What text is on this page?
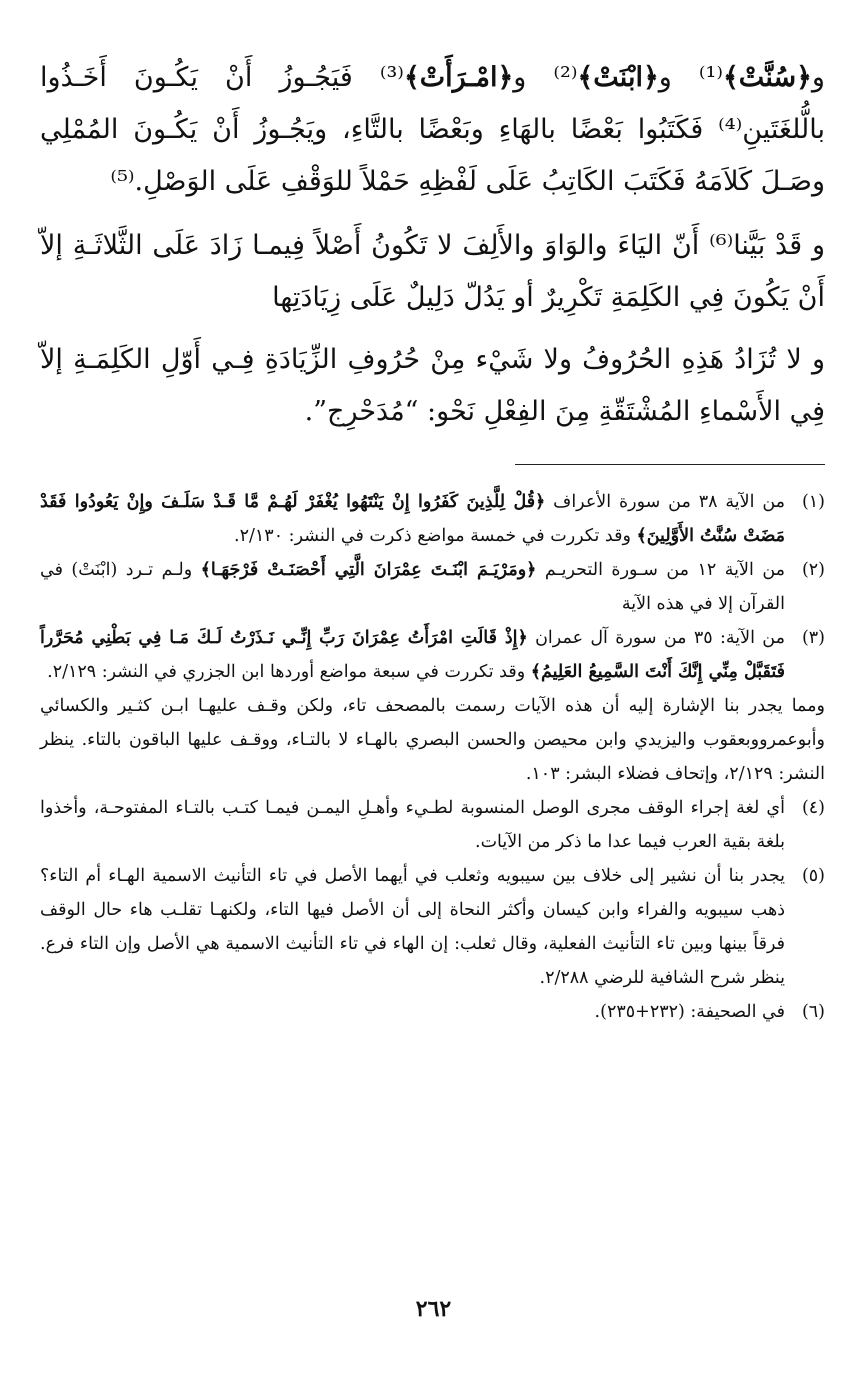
و﴿سُنَّتْ﴾⁽¹⁾ و﴿ابْنَتْ﴾⁽²⁾ و﴿امْـرَأَتْ﴾⁽³⁾ فَيَجُـوزُ أَنْ يَكُـونَ أَخَـذُوا بالُّلغَتَينِ⁽⁴⁾ فَكَتَبُوا بَعْضًا بالهَاءِ وبَعْضًا بالتَّاءِ، ويَجُـوزُ أَنْ يَكُـونَ المُمْلِي وصَـلَ كَلاَمَهُ فَكَتَبَ الكَاتِبُ عَلَى لَفْظِهِ حَمْلاً للوَقْفِ عَلَى الوَصْلِ.⁽⁵⁾

و قَدْ بَيَّنا⁽⁶⁾ أَنّ اليَاءَ والوَاوَ والأَلِفَ لا تَكُونُ أَصْلاً فِيمـا زَادَ عَلَى الثَّلاثَـةِ إلاّ أَنْ يَكُونَ فِي الكَلِمَةِ تَكْرِيرٌ أو يَدُلّ دَلِيلٌ عَلَى زِيَادَتِها

و لا تُزَادُ هَذِهِ الحُرُوفُ ولا شَيْء مِنْ حُرُوفِ الزِّيَادَةِ فِـي أَوّلِ الكَلِمَـةِ إلاّ فِي الأَسْماءِ المُشْتَقّةِ مِنَ الفِعْلِ نَحْو: “مُدَحْرِج”.

(١)
من الآية ٣٨ من سورة الأعراف ﴿قُلْ لِلَّذِينَ كَفَرُوا إِنْ يَنْتَهُوا يُغْفَرْ لَهُـمْ مَّا قَـدْ سَلَـفَ وإِنْ يَعُودُوا فَقَدْ مَضَتْ سُنَّتُ الأَوَّلِينَ﴾ وقد تكررت في خمسة مواضع ذكرت في النشر: ٢/١٣٠.
(٢)
من الآية ١٢ من سـورة التحريـم ﴿ومَرْيَـمَ ابْنَـتَ عِمْرَانَ الَّتِي أَحْصَنَـتْ فَرْجَهَـا﴾ ولـم تـرد (ابْنَتْ) في القرآن إلا في هذه الآية
(٣)
من الآية: ٣٥ من سورة آل عمران ﴿إِذْ قَالَتِ امْرَأَتُ عِمْرَانَ رَبِّ إِنِّـي نَـذَرْتُ لَـكَ مَـا فِي بَطْنِي مُحَرَّراً فَتَقَبَّلْ مِنِّي إِنَّكَ أَنْتَ السَّمِيعُ العَلِيمُ﴾ وقد تكررت في سبعة مواضع أوردها ابن الجزري في النشر: ٢/١٢٩.

ومما يجدر بنا الإشارة إليه أن هذه الآيات رسمت بالمصحف تاء، ولكن وقـف عليهـا ابـن كثـير والكسائي وأبوعمرووبعقوب واليزيدي وابن محيصن والحسن البصري بالهـاء لا بالتـاء، ووقـف عليها الباقون بالتاء. ينظر النشر: ٢/١٢٩، وإتحاف فضلاء البشر: ١٠٣.

(٤)
أي لغة إجراء الوقف مجرى الوصل المنسوبة لطـيء وأهـلِ اليمـن فيمـا كتـب بالتـاء المفتوحـة، وأخذوا بلغة بقية العرب فيما عدا ما ذكر من الآيات.
(٥)
يجدر بنا أن نشير إلى خلاف بين سيبويه وثعلب في أيهما الأصل في تاء التأنيث الاسمية الهـاء أم التاء؟ ذهب سيبويه والفراء وابن كيسان وأكثر النحاة إلى أن الأصل فيها التاء، ولكنهـا تقلـب هاء حال الوقف فرقاً بينها وبين تاء التأنيث الفعلية، وقال ثعلب: إن الهاء في تاء التأنيث الاسمية هي الأصل وإن التاء فرع. ينظر شرح الشافية للرضي ٢/٢٨٨.
(٦)
في الصحيفة: (٢٣٢+٢٣٥).
٢٦٢
